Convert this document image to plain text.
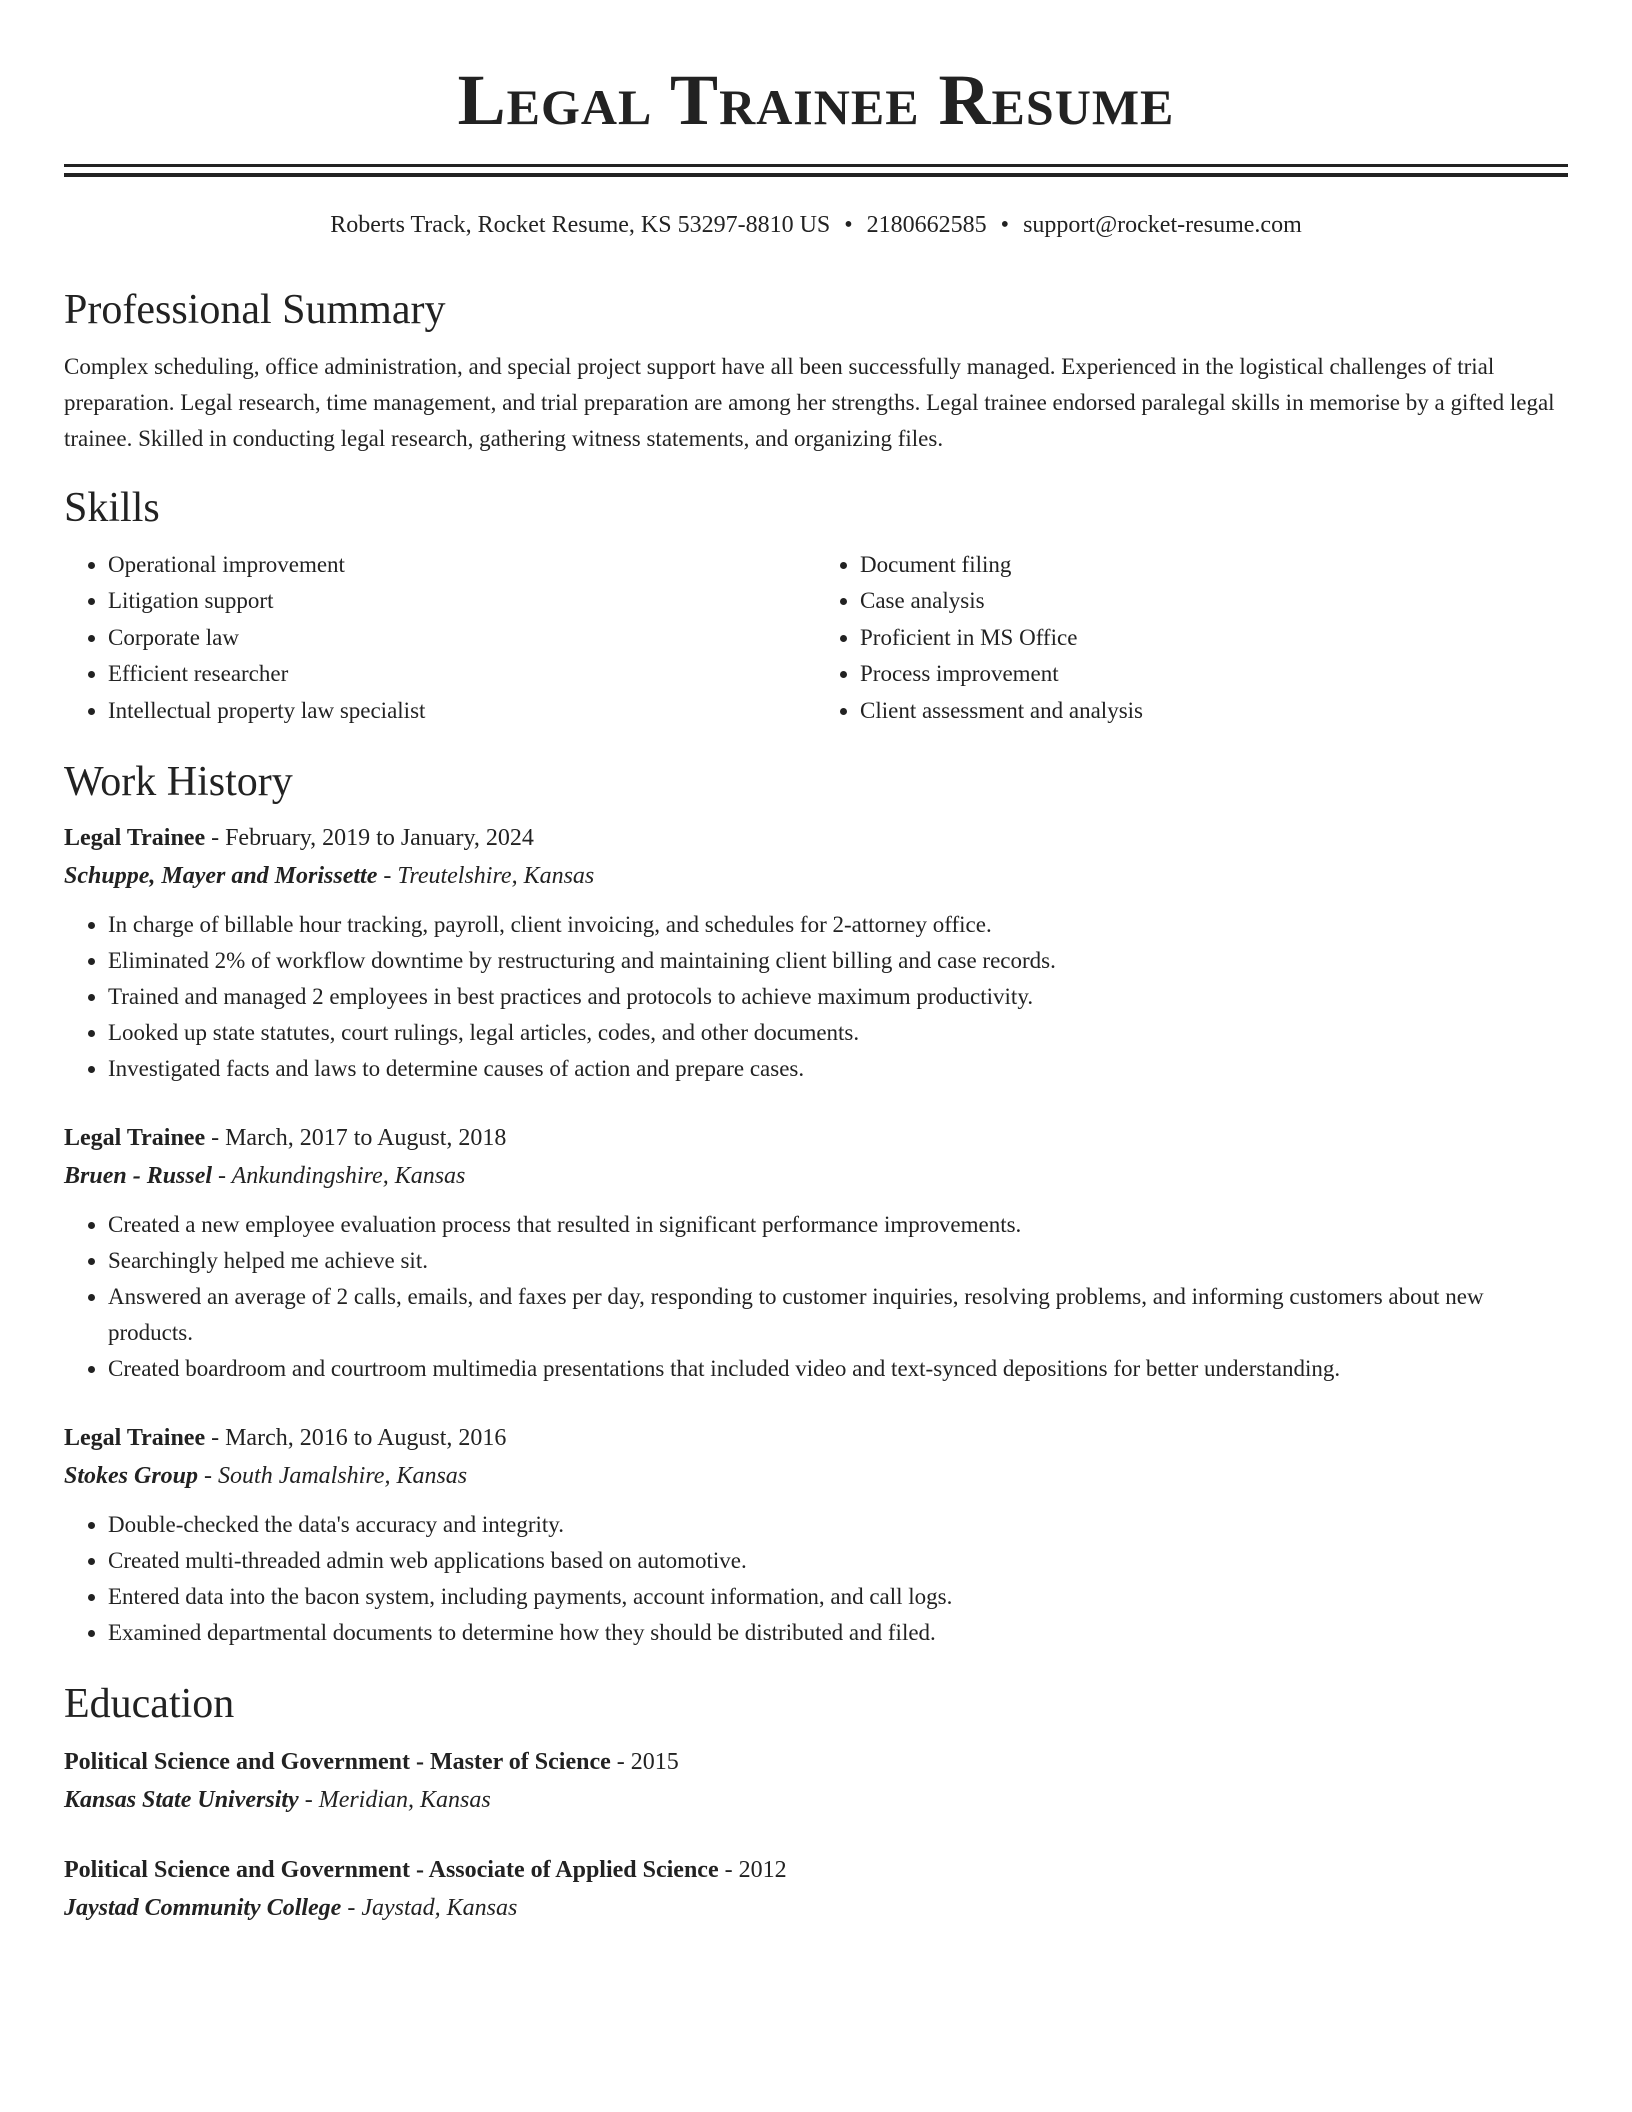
Legal Trainee Resume
Roberts Track, Rocket Resume, KS 53297-8810 US • 2180662585 • support@rocket-resume.com
Professional Summary

Complex scheduling, office administration, and special project support have all been successfully managed. Experienced in the logistical challenges of trial preparation. Legal research, time management, and trial preparation are among her strengths. Legal trainee endorsed paralegal skills in memorise by a gifted legal trainee. Skilled in conducting legal research, gathering witness statements, and organizing files.

Skills
• Operational improvement
• Litigation support
• Corporate law
• Efficient researcher
• Intellectual property law specialist
• Document filing
• Case analysis
• Proficient in MS Office
• Process improvement
• Client assessment and analysis
Work History
Legal Trainee - February, 2019 to January, 2024
Schuppe, Mayer and Morissette - Treutelshire, Kansas
• In charge of billable hour tracking, payroll, client invoicing, and schedules for 2-attorney office.
• Eliminated 2% of workflow downtime by restructuring and maintaining client billing and case records.
• Trained and managed 2 employees in best practices and protocols to achieve maximum productivity.
• Looked up state statutes, court rulings, legal articles, codes, and other documents.
• Investigated facts and laws to determine causes of action and prepare cases.
Legal Trainee - March, 2017 to August, 2018
Bruen - Russel - Ankundingshire, Kansas
• Created a new employee evaluation process that resulted in significant performance improvements.
• Searchingly helped me achieve sit.
• Answered an average of 2 calls, emails, and faxes per day, responding to customer inquiries, resolving problems, and informing customers about new products.
• Created boardroom and courtroom multimedia presentations that included video and text-synced depositions for better understanding.
Legal Trainee - March, 2016 to August, 2016
Stokes Group - South Jamalshire, Kansas
• Double-checked the data's accuracy and integrity.
• Created multi-threaded admin web applications based on automotive.
• Entered data into the bacon system, including payments, account information, and call logs.
• Examined departmental documents to determine how they should be distributed and filed.
Education
Political Science and Government - Master of Science - 2015
Kansas State University - Meridian, Kansas
Political Science and Government - Associate of Applied Science - 2012
Jaystad Community College - Jaystad, Kansas
